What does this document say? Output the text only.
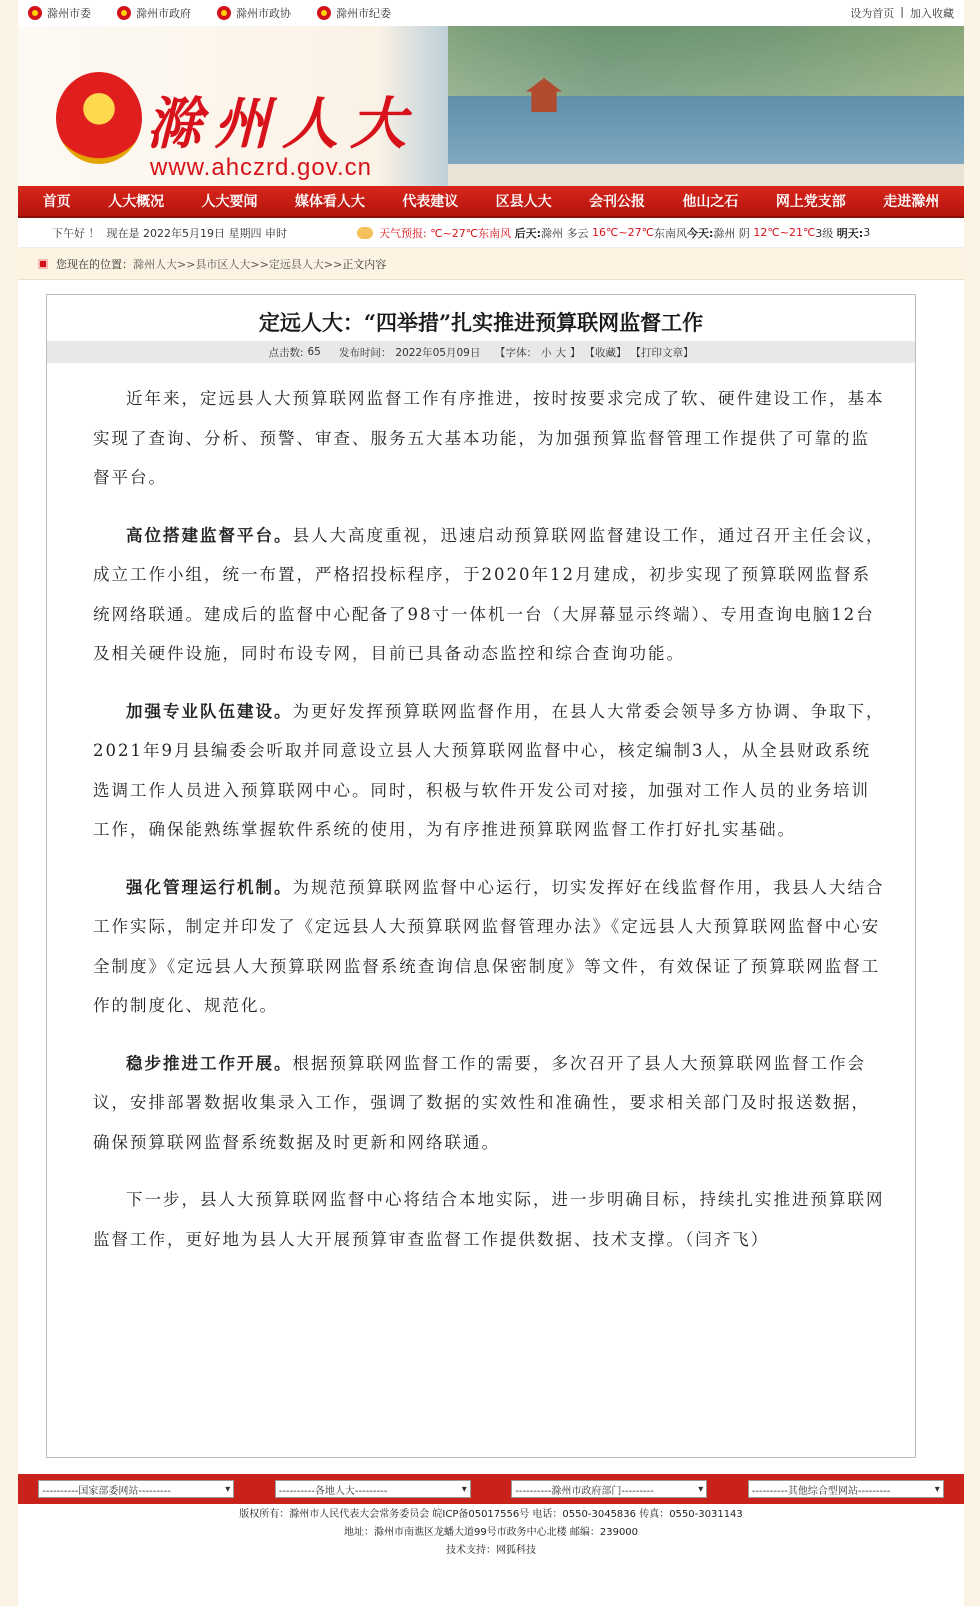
滁州市委	滁州市政府	滁州市政协	滁州市纪委	设为首页 | 加入收藏
滁州人大
www.ahczrd.gov.cn
首页	人大概况	人大要闻	媒体看人大	代表建议	区县人大	会刊公报	他山之石	网上党支部	走进滁州
下午好 ！
现在是
2022年5月19日
星期四
申时	天气预报:
℃~27℃东南风
后天: 滁州 多云
16℃~27℃ 东南风 今天: 滁州 阴
12℃~21℃ 3级
明天: 3
您现在的位置： 滁州人大>> 县市区人大>> 定远县人大>> 正文内容
定远人大：“四举措”扎实推进预算联网监督工作
点击数: 65
发布时间： 2022年05月09日
【字体： 小 大 】 【收藏】 【打印文章】

近年来，定远县人大预算联网监督工作有序推进，按时按要求完成了软、硬件建设工作，基本实现了查询、分析、预警、审查、服务五大基本功能，为加强预算监督管理工作提供了可靠的监督平台。

高位搭建监督平台。县人大高度重视，迅速启动预算联网监督建设工作，通过召开主任会议，成立工作小组，统一布置，严格招投标程序，于2020年12月建成，初步实现了预算联网监督系统网络联通。建成后的监督中心配备了98寸一体机一台（大屏幕显示终端）、专用查询电脑12台及相关硬件设施，同时布设专网，目前已具备动态监控和综合查询功能。

加强专业队伍建设。为更好发挥预算联网监督作用，在县人大常委会领导多方协调、争取下，2021年9月县编委会听取并同意设立县人大预算联网监督中心，核定编制3人，从全县财政系统选调工作人员进入预算联网中心。同时，积极与软件开发公司对接，加强对工作人员的业务培训工作，确保能熟练掌握软件系统的使用，为有序推进预算联网监督工作打好扎实基础。

强化管理运行机制。为规范预算联网监督中心运行，切实发挥好在线监督作用，我县人大结合工作实际，制定并印发了《定远县人大预算联网监督管理办法》《定远县人大预算联网监督中心安全制度》《定远县人大预算联网监督系统查询信息保密制度》等文件，有效保证了预算联网监督工作的制度化、规范化。

稳步推进工作开展。根据预算联网监督工作的需要，多次召开了县人大预算联网监督工作会议，安排部署数据收集录入工作，强调了数据的实效性和准确性，要求相关部门及时报送数据，确保预算联网监督系统数据及时更新和网络联通。

下一步，县人大预算联网监督中心将结合本地实际，进一步明确目标，持续扎实推进预算联网监督工作，更好地为县人大开展预算审查监督工作提供数据、技术支撑。（闫齐飞）

----------国家部委网站---------	▾	----------各地人大---------	▾	----------滁州市政府部门---------	▾	----------其他综合型网站---------	▾
版权所有：滁州市人民代表大会常务委员会 皖ICP备05017556号 电话：0550-3045836 传真：0550-3031143
地址：滁州市南谯区龙蟠大道99号市政务中心北楼 邮编：239000
技术支持：网狐科技
